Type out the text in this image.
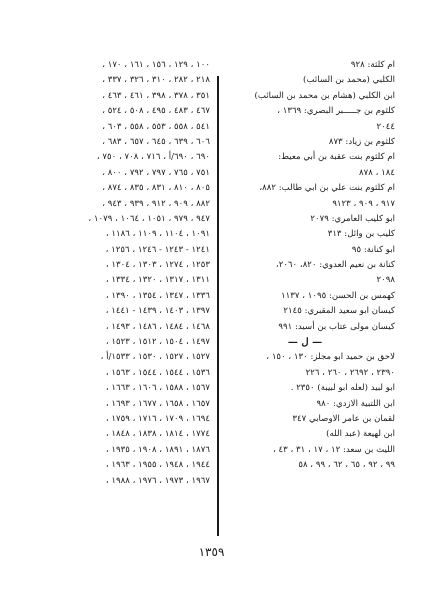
ام كلثة: ٩٢٨
الكلبي (محمد بن السائب)
ابن الكلبي (هشام بن محمد بن السائب)
كلثوم بن جـــــبر البصري: ١٣٦٩ ،
٢٠٤٤
كلثوم بن زياد: ٨٧٣
ام كلثوم بنت عقبة بن أبي معيط:
١٨٤ ، ٨٧٨
ام كلثوم بنت علي بن ابي طالب: ٨٨٢،
٩١٧ ، ٩٠٩ ، ٩١٢٣
ابو كليب العامري: ٢٠٧٩
كليب بن وائل: ٣١٣
ابو كنانة: ٩٥
كنانة بن نعيم العدوي: ٨٢٠، ٢٠٦٠،
٢٠٩٨
كهمس بن الحسن: ١٠٩٥ ، ١١٣٧
كيسان ابو سعيد المقبري: ٢١٤٥
كيسان مولى عتاب بن أسيد: ٩٩١
— ل —
لاحق بن حميد ابو مجلز: ١٣٠ ، ١٥٠ ،
٢٣٩٠ ، ٢٦٩٢ ، ٢٦٠ ، ٢٢٦
ابو لبيد (لعله ابو لبيبة) ٢٣٥٠ .
ابن اللتبية الازدي: ٩٨٠
لقمان بن عامر الاوصابي ٣٤٧
ابن لهيعة (عبد الله)
الليث بن سعد: ١٢ ، ١٧ ، ٣١ ، ٤٣ ،
٩٩ ، ٩٢ ، ٦٥ ، ٦٢ ، ٩٩ ، ٥٨
١٠٠ ، ١٢٩ ، ١٥٦ ، ١٦١ ، ١٧٠ ،
٢١٨ ، ٢٨٢ ، ٣١٠ ، ٣٢٦ ، ٣٣٧ ،
٣٥١ ، ٣٧٨ ، ٣٩٨ ، ٤٦١ ، ٤٦٣ ،
٤٦٧ ، ٤٨٣ ، ٤٩٥ ، ٥٠٨ ، ٥٢٤ ،
٥٤١ ، ٥٥٨ ، ٥٥٣ ، ٥٥٨ ، ٦٠٣ ،
٦٠٦ ، ٦٣٩ ، ٦٤٥ ، ٦٥٧ ، ٦٨٣ ،
٦٩٠ ، ٦٩٠/أ ، ٧١٦ ، ٧٠٨ ، ٧٥٠ ،
٧٥١ ، ٧٦٥ ، ٧٩٧ ، ٧٩٢ ، ٨٠٠ ،
٨٠٥ ، ٨١٠ ، ٨٣١ ، ٨٣٥ ، ٨٧٤ ،
٨٨٢ ، ٩٠٩ ، ٩١٢ ، ٩٣٩ ، ٩٤٣ ،
٩٤٧ ، ٩٧٩ ، ١٠٥١ ، ١٠٦٤ ، ١٠٧٩ ،
١٠٩١ ، ١١٠٤ ، ١١٠٩ ، ١١٨٦ ،
١٢٤١ - ١٢٤٣ - ١٢٤٦ ، ١٢٥٦ ،
١٢٥٣ ، ١٢٧٤ ، ١٣٠٣ ، ١٣٠٤ ،
١٣١١ ، ١٣١٧ ، ١٣٢٠ ، ١٣٣٤ ،
١٣٣٦ ، ١٣٤٧ ، ١٣٥٤ ، ١٣٩٠ ،
١٣٩٧ ، ١٤٠٣ ، ١٤٣٩ - ١٤٤١ ،
١٤٦٨ ، ١٤٨٤ ، ١٤٨٦ ، ١٤٩٣ ،
١٤٩٧ ، ١٥٠٤ ، ١٥١٢ ، ١٥٢٣ ،
١٥٢٧ ، ١٥٢٧ ، ١٥٣٠ ، ١٥٣٣/أ ،
١٥٣٦ ، ١٥٤٤ ، ١٥٤٤ ، ١٥٦٣ ،
١٥٦٧ ، ١٥٨٨ ، ١٦٠٦ ، ١٦٦٣ ،
١٦٥٧ ، ١٦٥٨ ، ١٦٧٧ ، ١٦٩٣ ،
١٦٩٤ ، ١٧٠٩ ، ١٧١٦ ، ١٧٥٩ ،
١٧٧٤ ، ١٨١٤ ، ١٨٣٨ ، ١٨٤٨ ،
١٨٧٦ ، ١٨٩١ ، ١٩٠٨ ، ١٩٣٥ ،
١٩٤٤ ، ١٩٤٨ ، ١٩٥٥ ، ١٩٦٣ ،
١٩٦٧ ، ١٩٧٣ ، ١٩٧٦ ، ١٩٨٨ ،
١٣٥٩
